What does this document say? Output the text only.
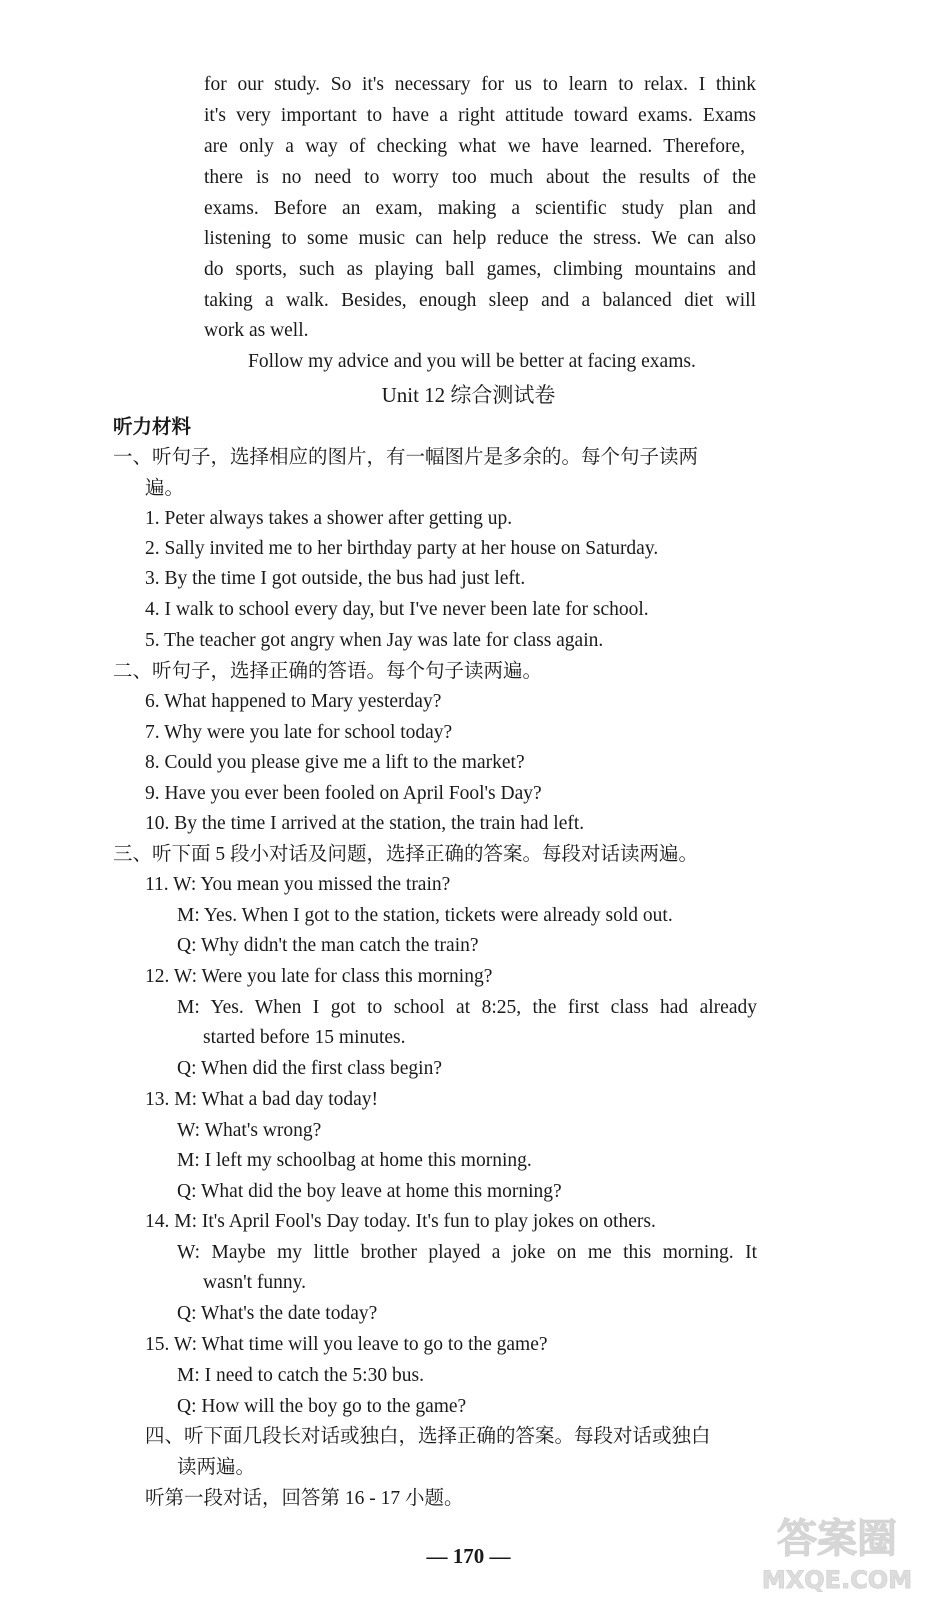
for our study. So it's necessary for us to learn to relax. I think
it's very important to have a right attitude toward exams. Exams
are only a way of checking what we have learned. Therefore,
there is no need to worry too much about the results of the
exams. Before an exam, making a scientific study plan and
listening to some music can help reduce the stress. We can also
do sports, such as playing ball games, climbing mountains and
taking a walk. Besides, enough sleep and a balanced diet will
work as well.
Follow my advice and you will be better at facing exams.
Unit 12 综合测试卷
听力材料
一、听句子，选择相应的图片，有一幅图片是多余的。每个句子读两
遍。
1. Peter always takes a shower after getting up.
2. Sally invited me to her birthday party at her house on Saturday.
3. By the time I got outside, the bus had just left.
4. I walk to school every day, but I've never been late for school.
5. The teacher got angry when Jay was late for class again.
二、听句子，选择正确的答语。每个句子读两遍。
6. What happened to Mary yesterday?
7. Why were you late for school today?
8. Could you please give me a lift to the market?
9. Have you ever been fooled on April Fool's Day?
10. By the time I arrived at the station, the train had left.
三、听下面 5 段小对话及问题，选择正确的答案。每段对话读两遍。
11. W: You mean you missed the train?
M: Yes. When I got to the station, tickets were already sold out.
Q: Why didn't the man catch the train?
12. W: Were you late for class this morning?
M: Yes. When I got to school at 8:25, the first class had already
started before 15 minutes.
Q: When did the first class begin?
13. M: What a bad day today!
W: What's wrong?
M: I left my schoolbag at home this morning.
Q: What did the boy leave at home this morning?
14. M: It's April Fool's Day today. It's fun to play jokes on others.
W: Maybe my little brother played a joke on me this morning. It
wasn't funny.
Q: What's the date today?
15. W: What time will you leave to go to the game?
M: I need to catch the 5:30 bus.
Q: How will the boy go to the game?
四、听下面几段长对话或独白，选择正确的答案。每段对话或独白
读两遍。
听第一段对话，回答第 16 - 17 小题。
— 170 —	答案圈 MXQE.COM
